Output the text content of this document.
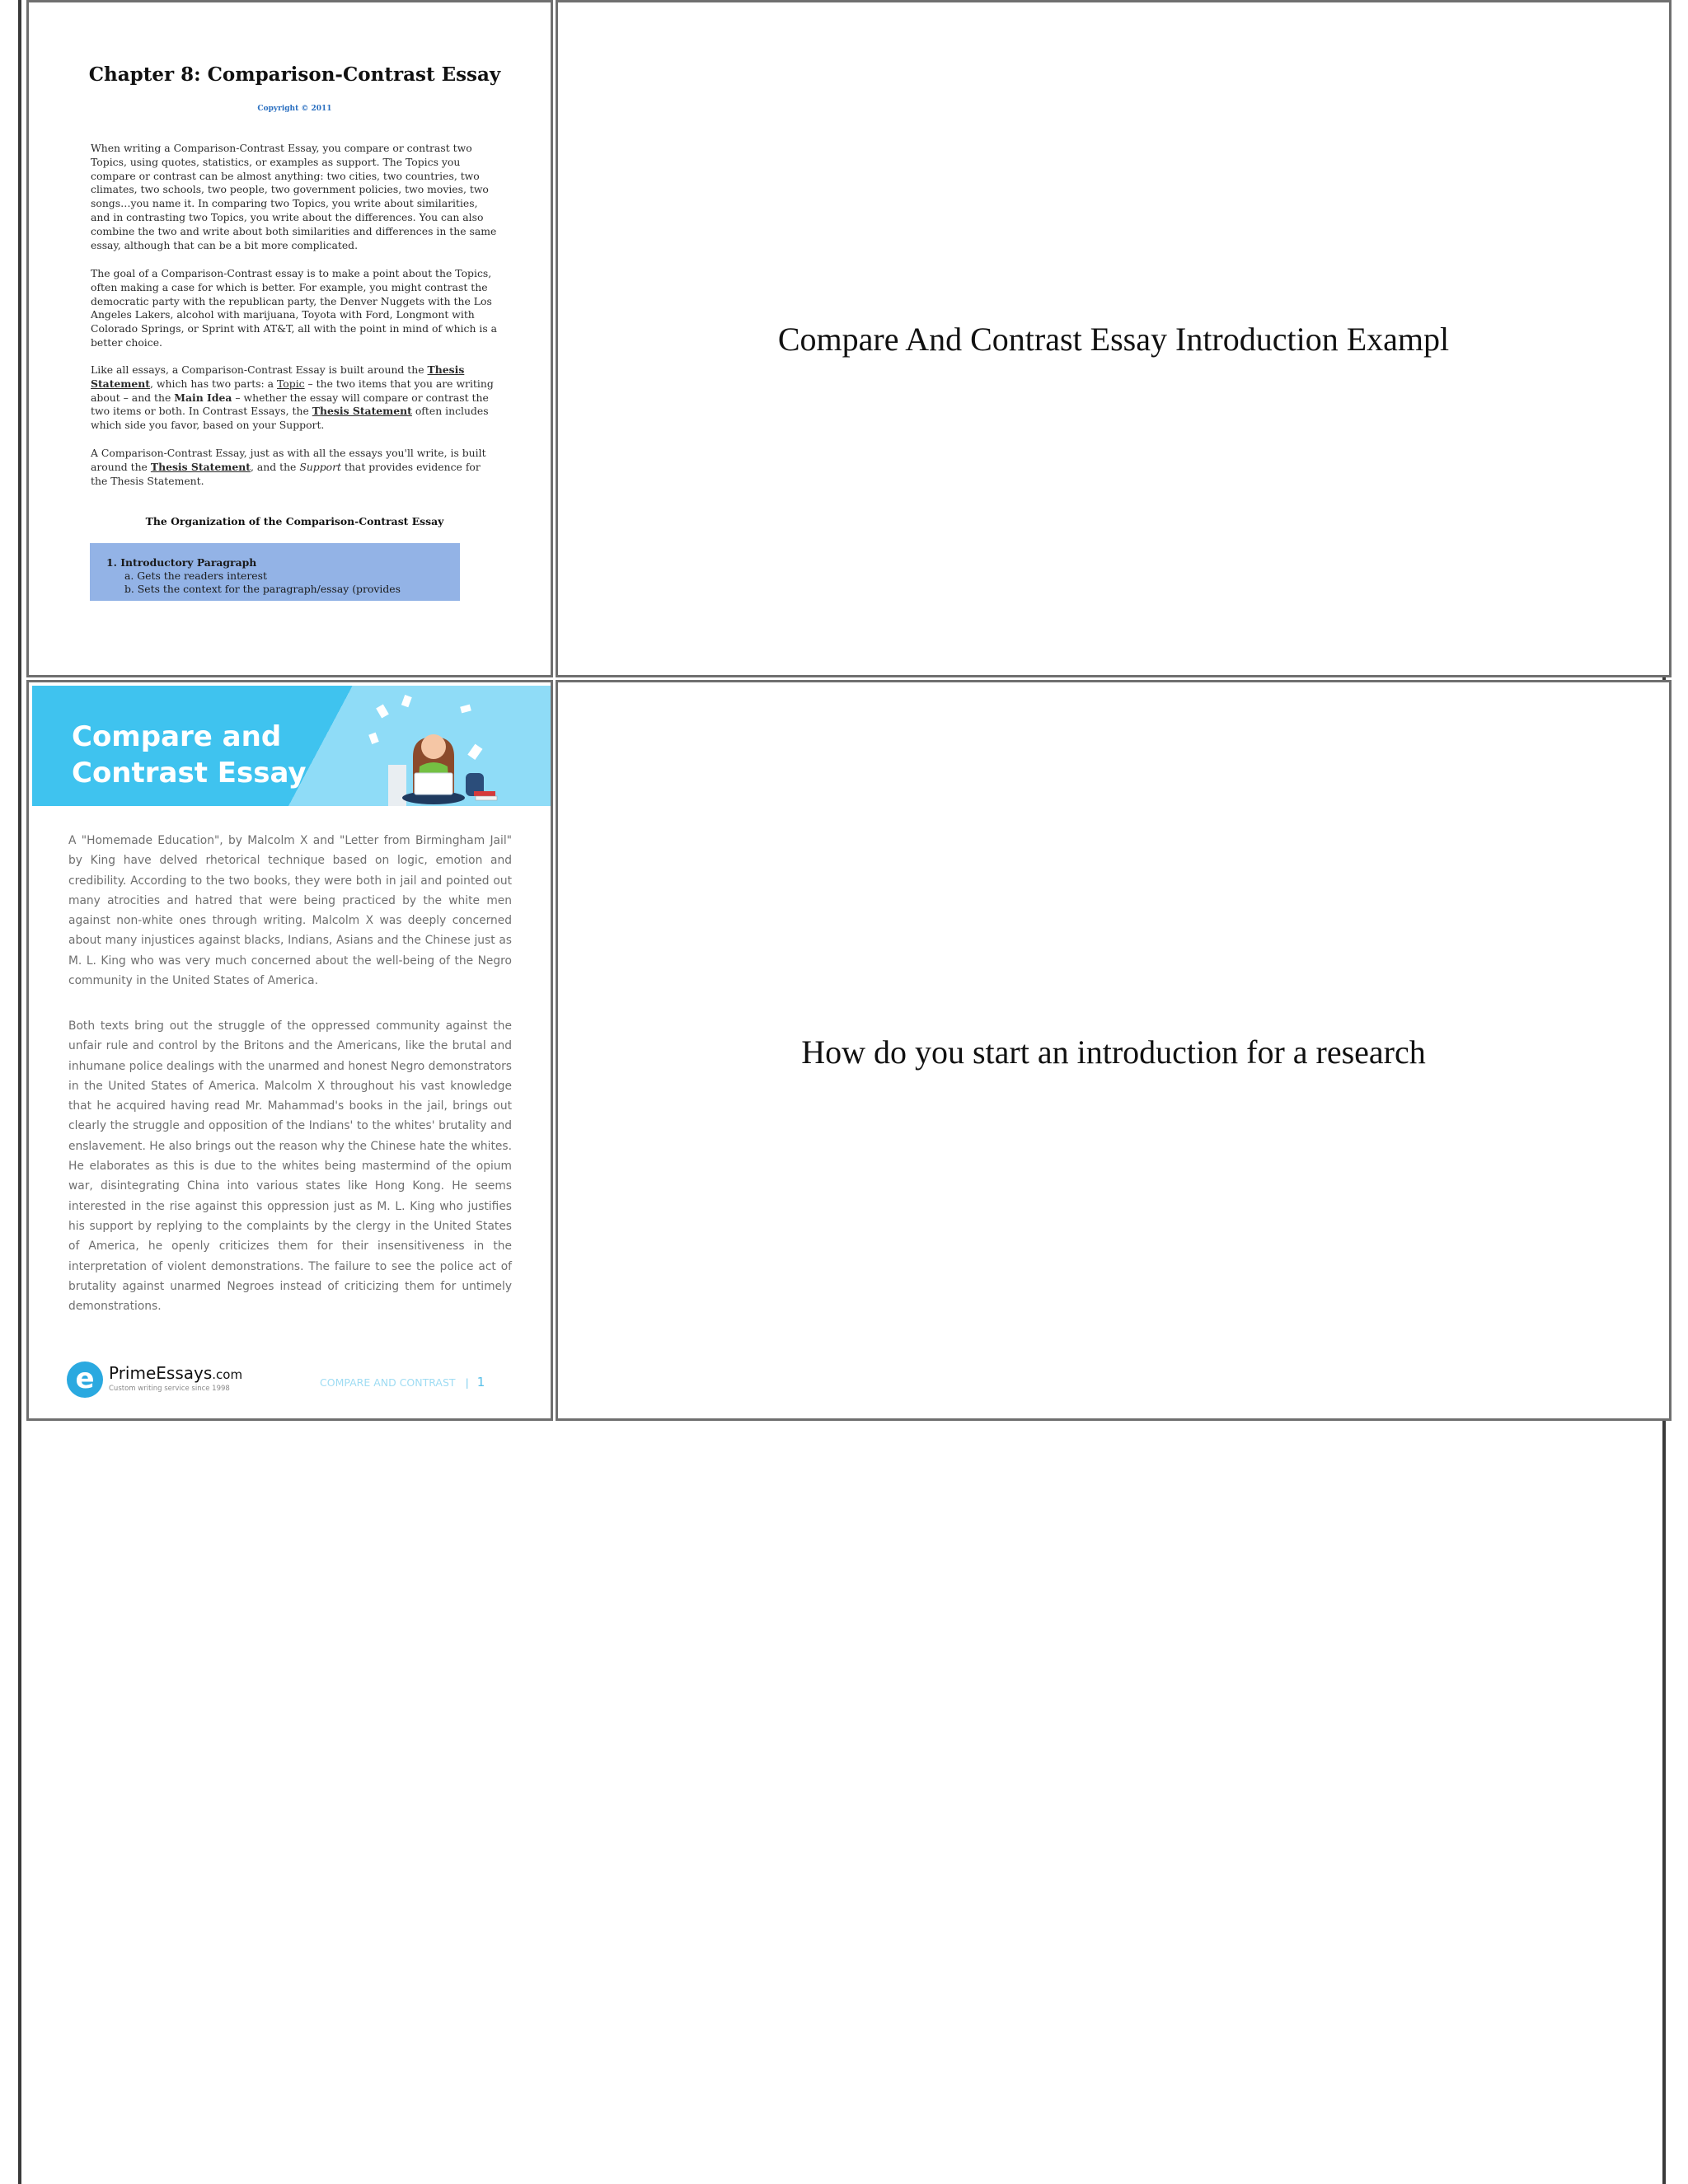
Chapter 8: Comparison-Contrast Essay
Copyright © 2011

When writing a Comparison-Contrast Essay, you compare or contrast two Topics, using quotes, statistics, or examples as support. The Topics you compare or contrast can be almost anything: two cities, two countries, two climates, two schools, two people, two government policies, two movies, two songs…you name it. In comparing two Topics, you write about similarities, and in contrasting two Topics, you write about the differences. You can also combine the two and write about both similarities and differences in the same essay, although that can be a bit more complicated.

The goal of a Comparison-Contrast essay is to make a point about the Topics, often making a case for which is better. For example, you might contrast the democratic party with the republican party, the Denver Nuggets with the Los Angeles Lakers, alcohol with marijuana, Toyota with Ford, Longmont with Colorado Springs, or Sprint with AT&T, all with the point in mind of which is a better choice.

Like all essays, a Comparison-Contrast Essay is built around the Thesis Statement, which has two parts: a Topic – the two items that you are writing about – and the Main Idea – whether the essay will compare or contrast the two items or both. In Contrast Essays, the Thesis Statement often includes which side you favor, based on your Support.

A Comparison-Contrast Essay, just as with all the essays you'll write, is built around the Thesis Statement, and the Support that provides evidence for the Thesis Statement.

The Organization of the Comparison-Contrast Essay
1. Introductory Paragraph
a. Gets the readers interest
b. Sets the context for the paragraph/essay (provides
Compare And Contrast Essay Introduction Exampl
Compare and
Contrast Essay

A "Homemade Education", by Malcolm X and "Letter from Birmingham Jail" by King have delved rhetorical technique based on logic, emotion and credibility. According to the two books, they were both in jail and pointed out many atrocities and hatred that were being practiced by the white men against non-white ones through writing. Malcolm X was deeply concerned about many injustices against blacks, Indians, Asians and the Chinese just as M. L. King who was very much concerned about the well-being of the Negro community in the United States of America.

Both texts bring out the struggle of the oppressed community against the unfair rule and control by the Britons and the Americans, like the brutal and inhumane police dealings with the unarmed and honest Negro demonstrators in the United States of America. Malcolm X throughout his vast knowledge that he acquired having read Mr. Mahammad's books in the jail, brings out clearly the struggle and opposition of the Indians' to the whites' brutality and enslavement. He also brings out the reason why the Chinese hate the whites. He elaborates as this is due to the whites being mastermind of the opium war, disintegrating China into various states like Hong Kong. He seems interested in the rise against this oppression just as M. L. King who justifies his support by replying to the complaints by the clergy in the United States of America, he openly criticizes them for their insensitiveness in the interpretation of violent demonstrations. The failure to see the police act of brutality against unarmed Negroes instead of criticizing them for untimely demonstrations.

e PrimeEssays.com
Custom writing service since 1998	COMPARE AND CONTRAST | 1
How do you start an introduction for a research
